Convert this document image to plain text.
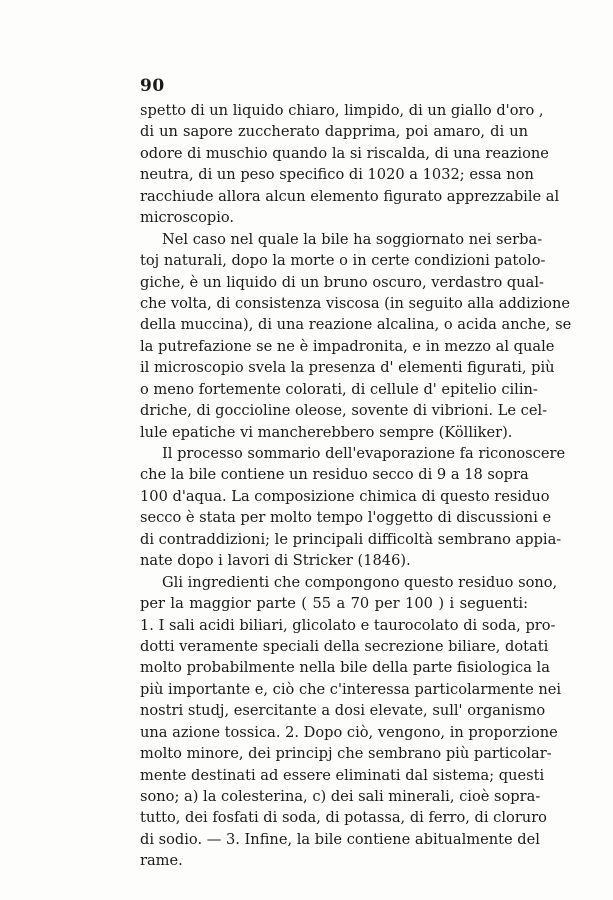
90
spetto di un liquido chiaro, limpido, di un giallo d'oro ,
di un sapore zuccherato dapprima, poi amaro, di un
odore di muschio quando la si riscalda, di una reazione
neutra, di un peso specifico di 1020 a 1032; essa non
racchiude allora alcun elemento figurato apprezzabile al
microscopio.
Nel caso nel quale la bile ha soggiornato nei serba-
toj naturali, dopo la morte o in certe condizioni patolo-
giche, è un liquido di un bruno oscuro, verdastro qual-
che volta, di consistenza viscosa (in seguito alla addizione
della muccina), di una reazione alcalina, o acida anche, se
la putrefazione se ne è impadronita, e in mezzo al quale
il microscopio svela la presenza d' elementi figurati, più
o meno fortemente colorati, di cellule d' epitelio cilin-
driche, di goccioline oleose, sovente di vibrioni. Le cel-
lule epatiche vi mancherebbero sempre (Kölliker).
Il processo sommario dell'evaporazione fa riconoscere
che la bile contiene un residuo secco di 9 a 18 sopra
100 d'aqua. La composizione chimica di questo residuo
secco è stata per molto tempo l'oggetto di discussioni e
di contraddizioni; le principali difficoltà sembrano appia-
nate dopo i lavori di Stricker (1846).
Gli ingredienti che compongono questo residuo sono,
per la maggior parte ( 55 a 70 per 100 ) i seguenti:
1. I sali acidi biliari, glicolato e taurocolato di soda, pro-
dotti veramente speciali della secrezione biliare, dotati
molto probabilmente nella bile della parte fisiologica la
più importante e, ciò che c'interessa particolarmente nei
nostri studj, esercitante a dosi elevate, sull' organismo
una azione tossica. 2. Dopo ciò, vengono, in proporzione
molto minore, dei principj che sembrano più particolar-
mente destinati ad essere eliminati dal sistema; questi
sono; a) la colesterina, c) dei sali minerali, cioè sopra-
tutto, dei fosfati di soda, di potassa, di ferro, di cloruro
di sodio. — 3. Infine, la bile contiene abitualmente del
rame.
